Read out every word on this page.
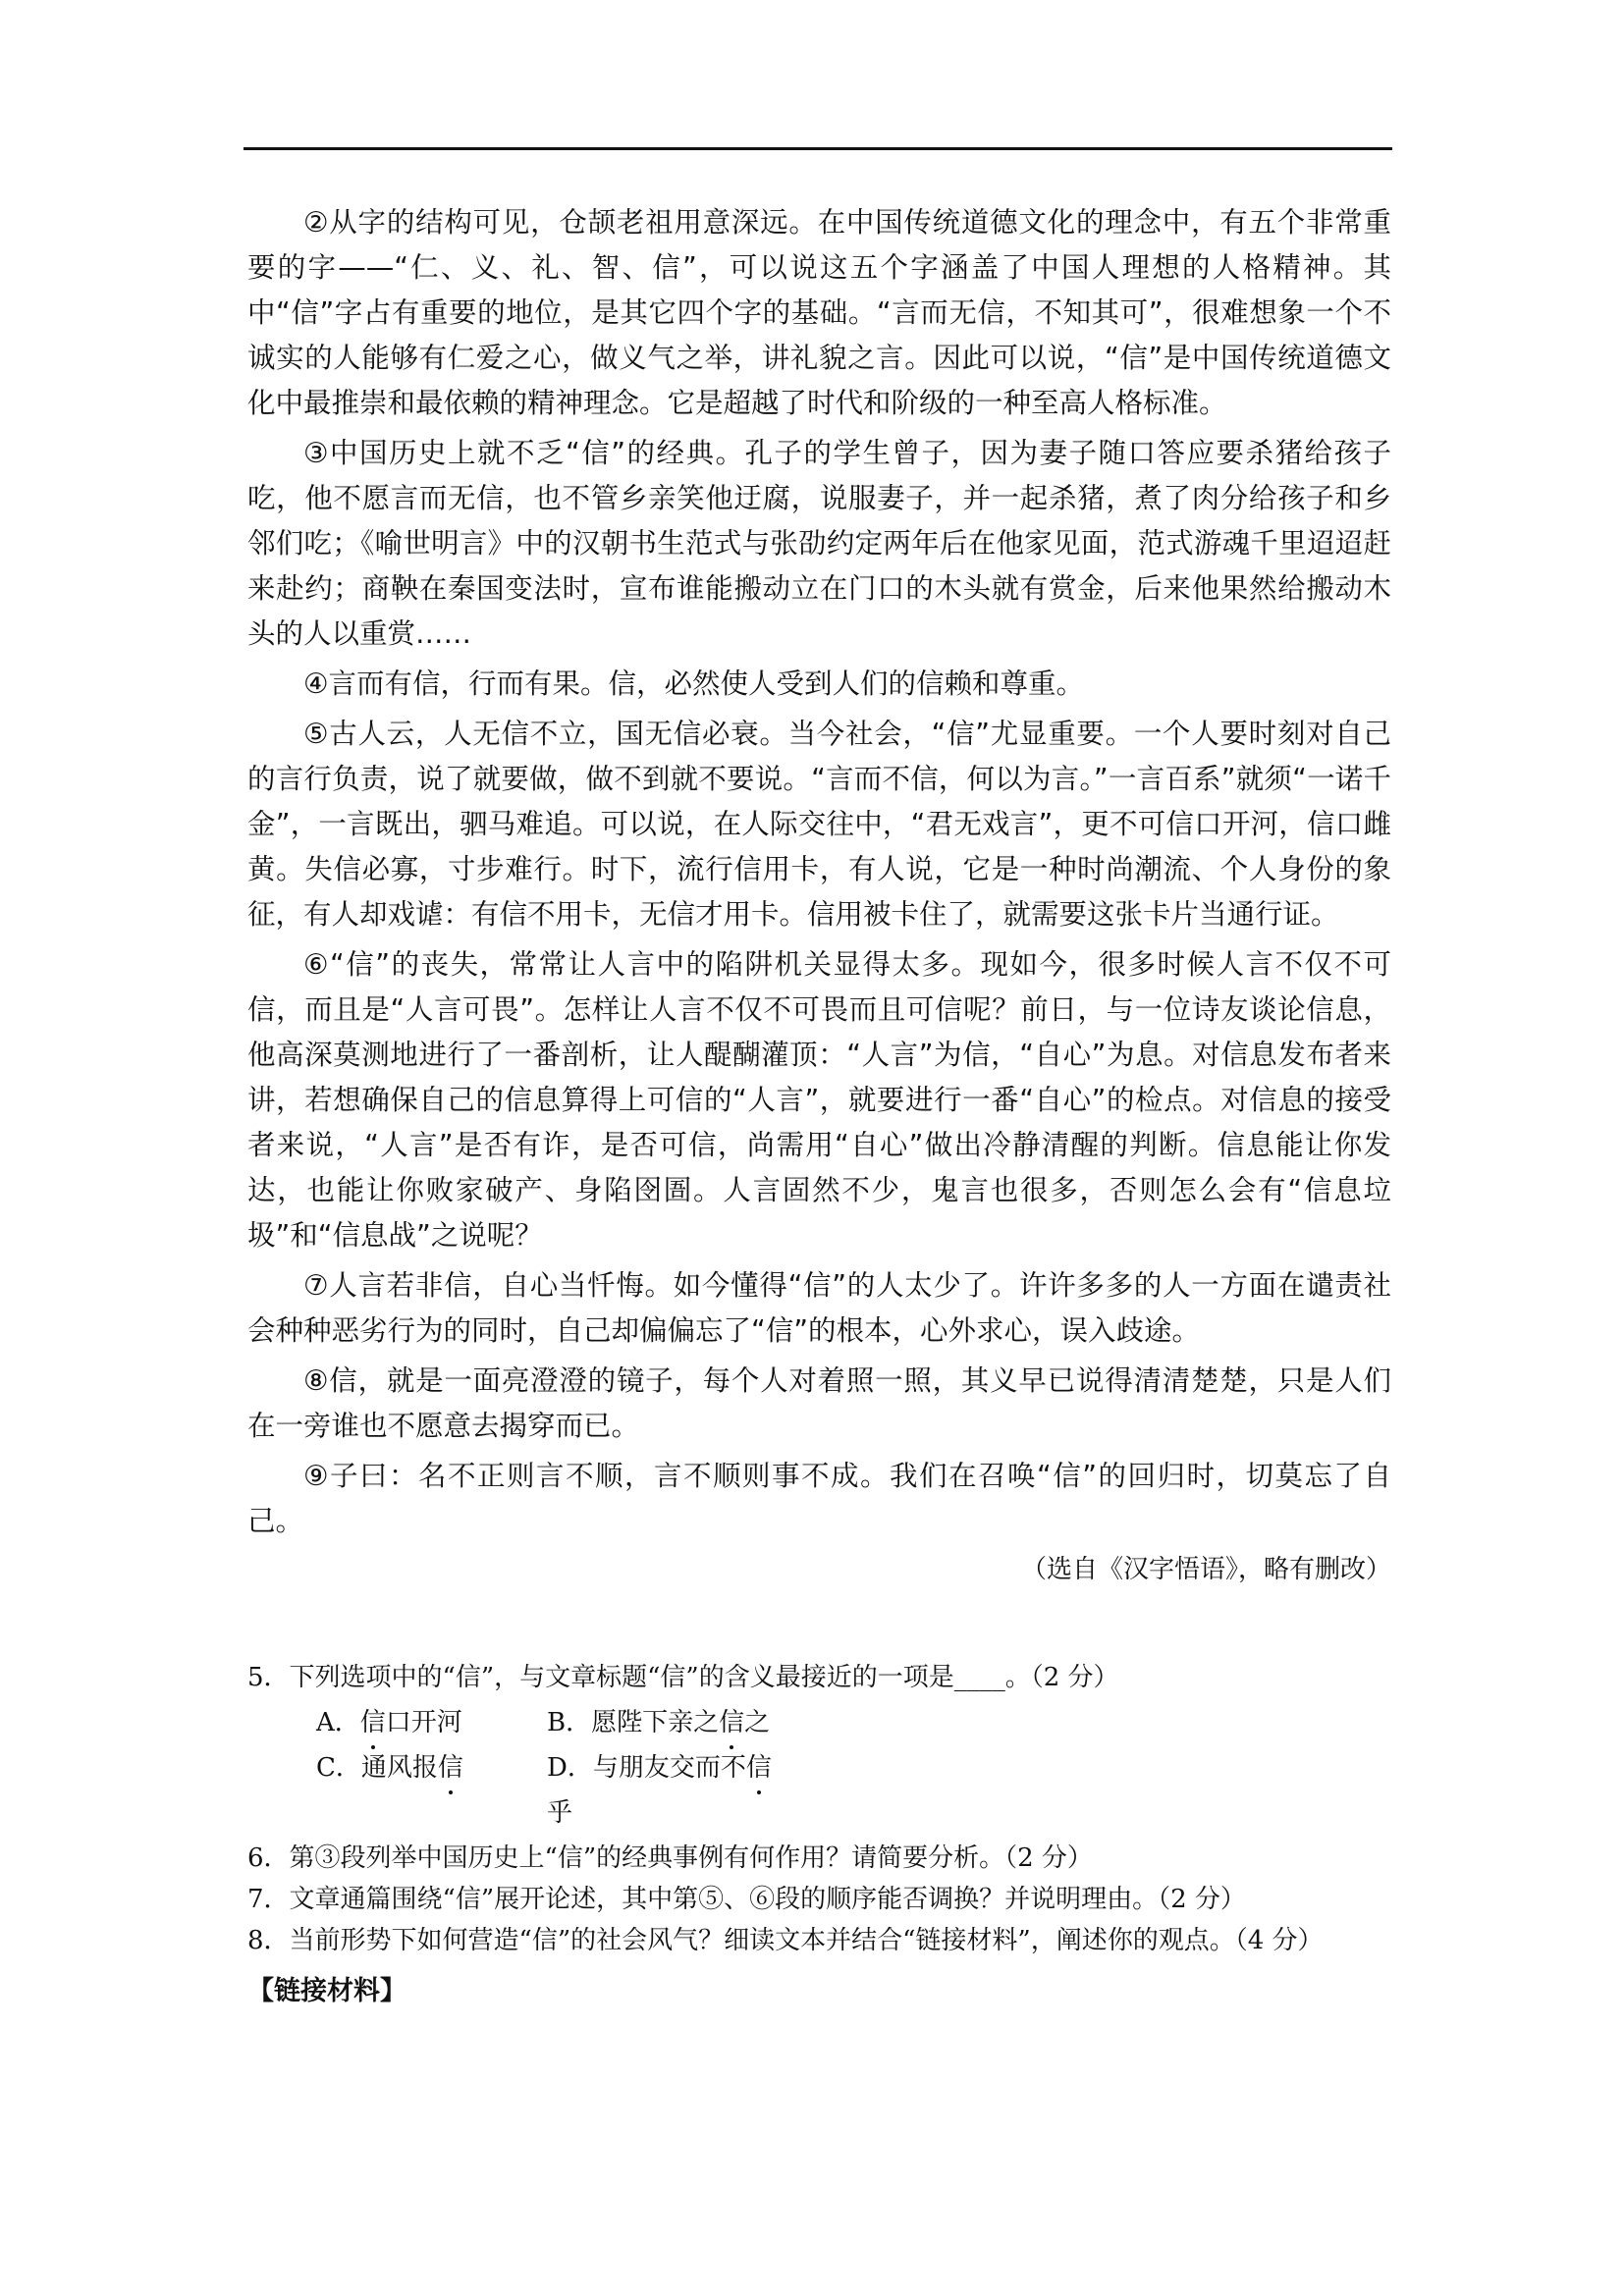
②从字的结构可见，仓颉老祖用意深远。在中国传统道德文化的理念中，有五个非常重要的字——“仁、义、礼、智、信”，可以说这五个字涵盖了中国人理想的人格精神。其中“信”字占有重要的地位，是其它四个字的基础。“言而无信，不知其可”，很难想象一个不诚实的人能够有仁爱之心，做义气之举，讲礼貌之言。因此可以说，“信”是中国传统道德文化中最推崇和最依赖的精神理念。它是超越了时代和阶级的一种至高人格标准。

③中国历史上就不乏“信”的经典。孔子的学生曾子，因为妻子随口答应要杀猪给孩子吃，他不愿言而无信，也不管乡亲笑他迂腐，说服妻子，并一起杀猪，煮了肉分给孩子和乡邻们吃；《喻世明言》中的汉朝书生范式与张劭约定两年后在他家见面，范式游魂千里迢迢赶来赴约；商鞅在秦国变法时，宣布谁能搬动立在门口的木头就有赏金，后来他果然给搬动木头的人以重赏……

④言而有信，行而有果。信，必然使人受到人们的信赖和尊重。

⑤古人云，人无信不立，国无信必衰。当今社会，“信”尤显重要。一个人要时刻对自己的言行负责，说了就要做，做不到就不要说。“言而不信，何以为言。”一言百系”就须“一诺千金”，一言既出，驷马难追。可以说，在人际交往中，“君无戏言”，更不可信口开河，信口雌黄。失信必寡，寸步难行。时下，流行信用卡，有人说，它是一种时尚潮流、个人身份的象征，有人却戏谑：有信不用卡，无信才用卡。信用被卡住了，就需要这张卡片当通行证。

⑥“信”的丧失，常常让人言中的陷阱机关显得太多。现如今，很多时候人言不仅不可信，而且是“人言可畏”。怎样让人言不仅不可畏而且可信呢？前日，与一位诗友谈论信息，他高深莫测地进行了一番剖析，让人醍醐灌顶：“人言”为信，“自心”为息。对信息发布者来讲，若想确保自己的信息算得上可信的“人言”，就要进行一番“自心”的检点。对信息的接受者来说，“人言”是否有诈，是否可信，尚需用“自心”做出冷静清醒的判断。信息能让你发达，也能让你败家破产、身陷囹圄。人言固然不少，鬼言也很多，否则怎么会有“信息垃圾”和“信息战”之说呢？

⑦人言若非信，自心当忏悔。如今懂得“信”的人太少了。许许多多的人一方面在谴责社会种种恶劣行为的同时，自己却偏偏忘了“信”的根本，心外求心，误入歧途。

⑧信，就是一面亮澄澄的镜子，每个人对着照一照，其义早已说得清清楚楚，只是人们在一旁谁也不愿意去揭穿而已。

⑨子曰：名不正则言不顺，言不顺则事不成。我们在召唤“信”的回归时，切莫忘了自己。

（选自《汉字悟语》，略有删改）

5．下列选项中的“信”，与文章标题“信”的含义最接近的一项是____。（2 分）

A．信口开河	B．愿陛下亲之信之
C．通风报信	D．与朋友交而不信乎

6．第③段列举中国历史上“信”的经典事例有何作用？请简要分析。（2 分）

7．文章通篇围绕“信”展开论述，其中第⑤、⑥段的顺序能否调换？并说明理由。（2 分）

8．当前形势下如何营造“信”的社会风气？细读文本并结合“链接材料”，阐述你的观点。（4 分）

【链接材料】
